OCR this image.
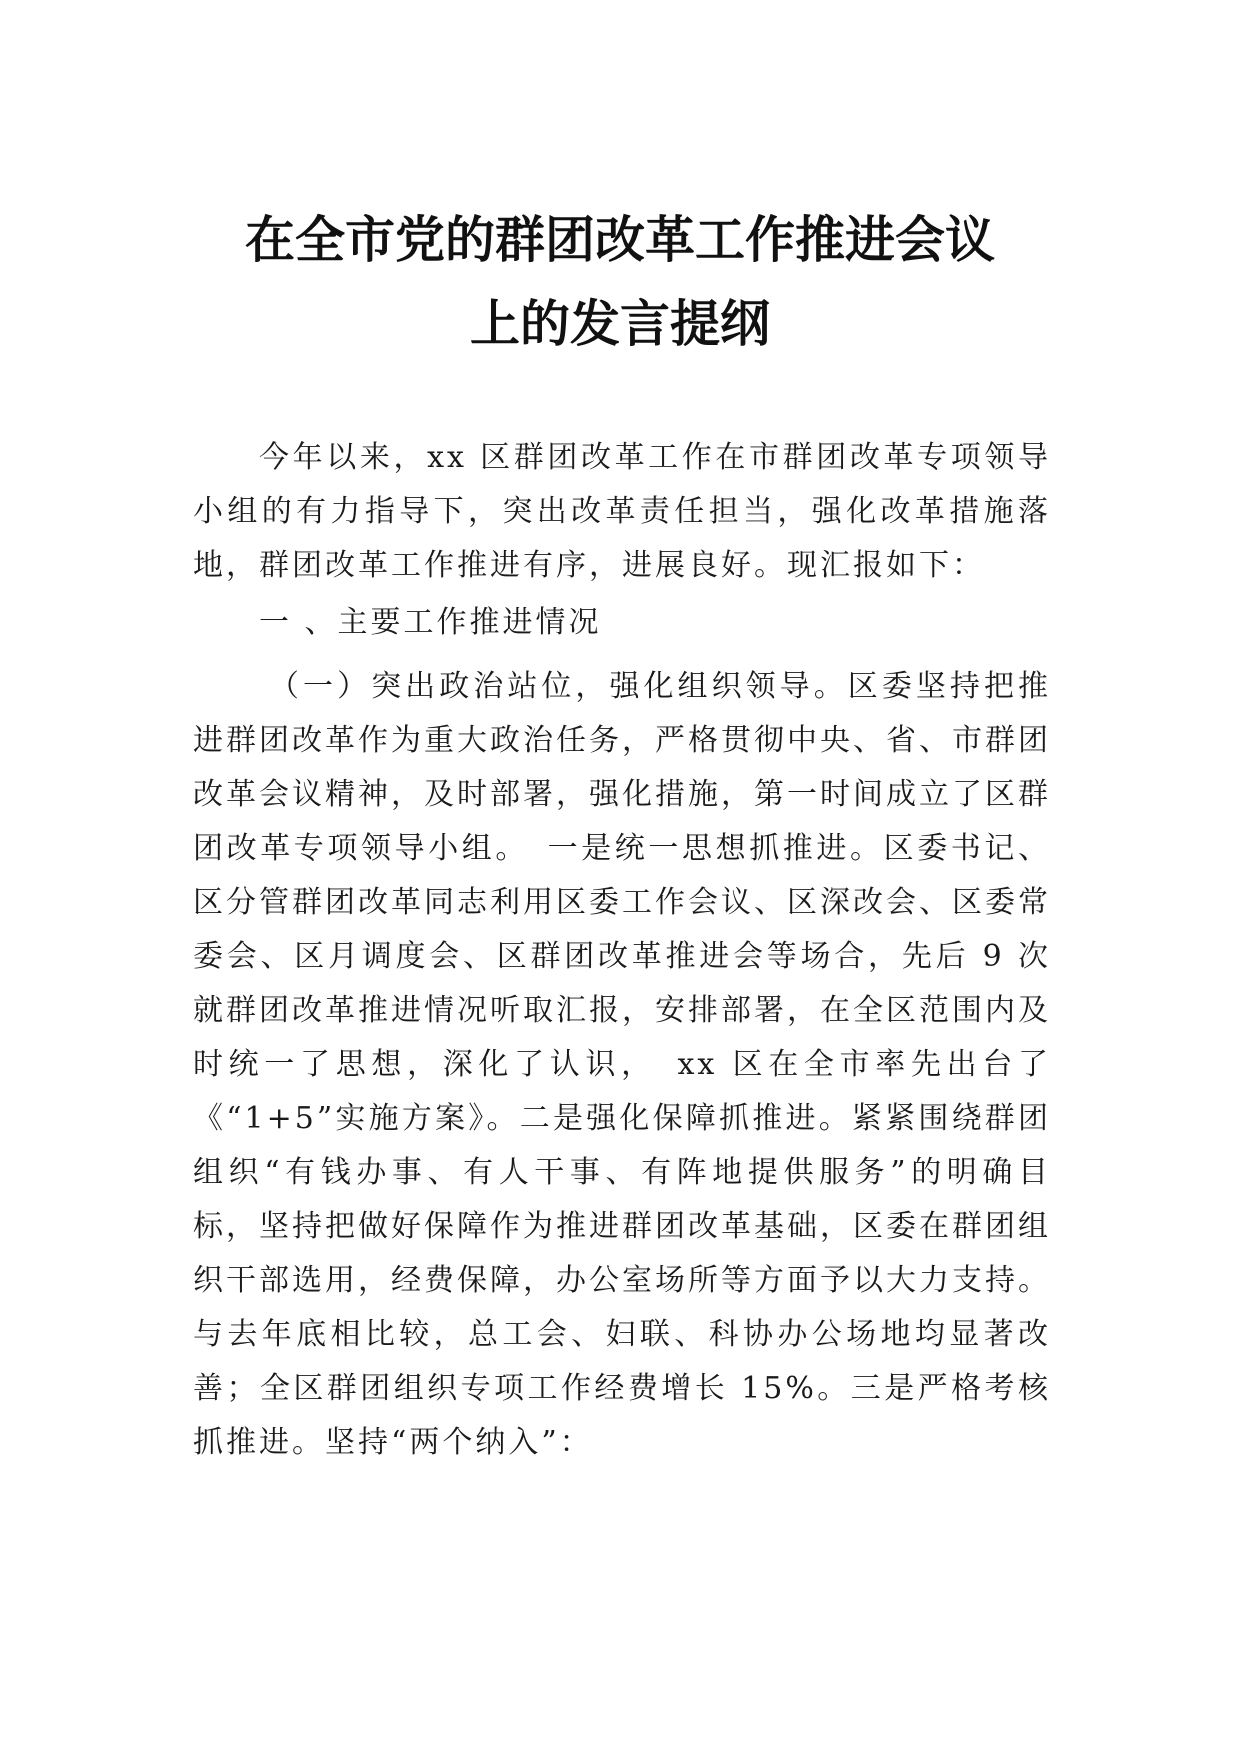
在全市党的群团改革工作推进会议
上的发言提纲

今年以来，xx 区群团改革工作在市群团改革专项领导小组的有力指导下，突出改革责任担当，强化改革措施落地，群团改革工作推进有序，进展良好。现汇报如下：

一 、主要工作推进情况

（一）突出政治站位，强化组织领导。区委坚持把推进群团改革作为重大政治任务，严格贯彻中央、省、市群团改革会议精神，及时部署，强化措施，第一时间成立了区群团改革专项领导小组。　一是统一思想抓推进。区委书记、区分管群团改革同志利用区委工作会议、区深改会、区委常委会、区月调度会、区群团改革推进会等场合，先后 9 次就群团改革推进情况听取汇报，安排部署，在全区范围内及时统一了思想，深化了认识，　xx 区在全市率先出台了《“1+5”实施方案》。二是强化保障抓推进。紧紧围绕群团组织“有钱办事、有人干事、有阵地提供服务”的明确目标，坚持把做好保障作为推进群团改革基础，区委在群团组织干部选用，经费保障，办公室场所等方面予以大力支持。与去年底相比较，总工会、妇联、科协办公场地均显著改善；全区群团组织专项工作经费增长 15%。三是严格考核抓推进。坚持“两个纳入”：
